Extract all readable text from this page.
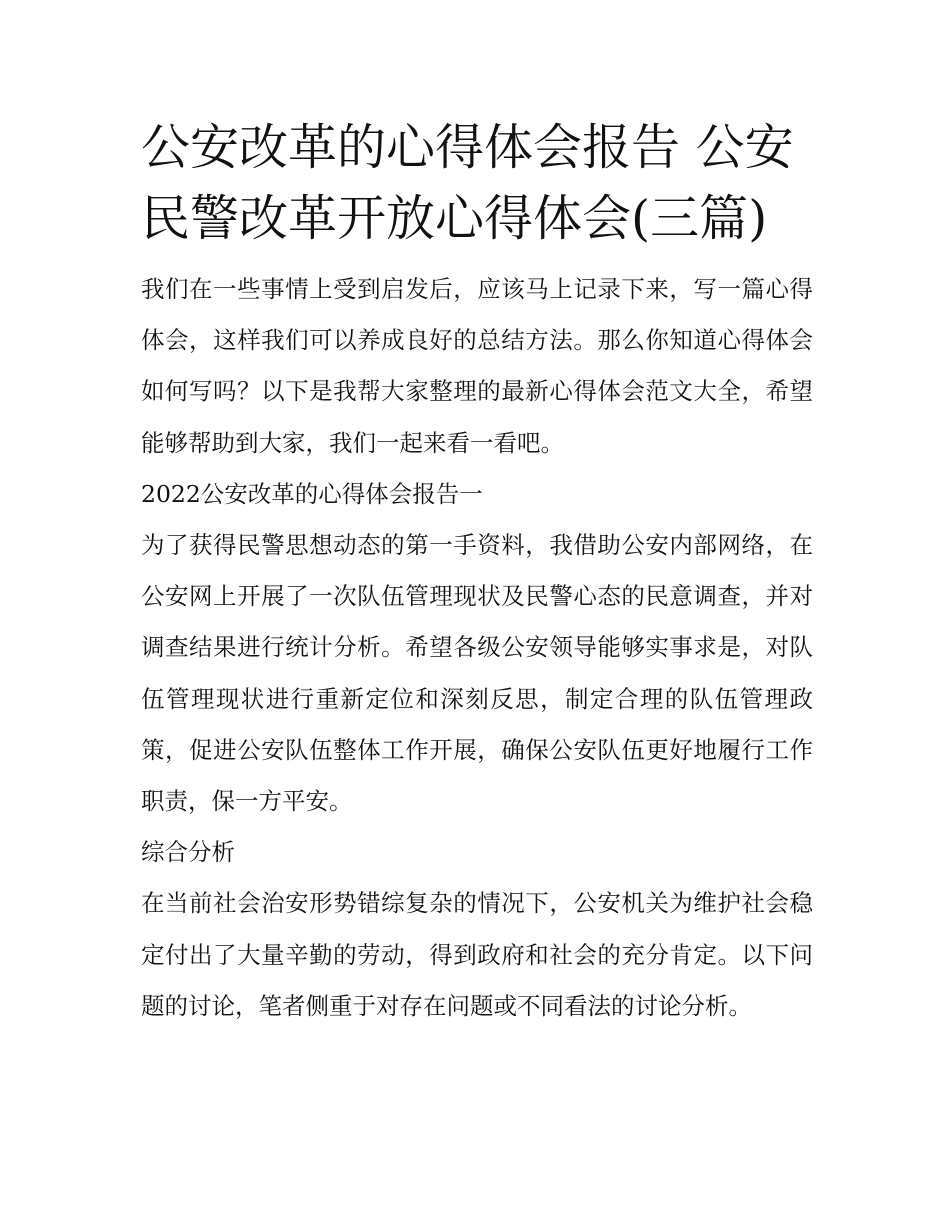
公安改革的心得体会报告 公安民警改革开放心得体会(三篇)

我们在一些事情上受到启发后，应该马上记录下来，写一篇心得体会，这样我们可以养成良好的总结方法。那么你知道心得体会如何写吗？以下是我帮大家整理的最新心得体会范文大全，希望能够帮助到大家，我们一起来看一看吧。

2022公安改革的心得体会报告一

为了获得民警思想动态的第一手资料，我借助公安内部网络，在公安网上开展了一次队伍管理现状及民警心态的民意调查，并对调查结果进行统计分析。希望各级公安领导能够实事求是，对队伍管理现状进行重新定位和深刻反思，制定合理的队伍管理政策，促进公安队伍整体工作开展，确保公安队伍更好地履行工作职责，保一方平安。

综合分析

在当前社会治安形势错综复杂的情况下，公安机关为维护社会稳定付出了大量辛勤的劳动，得到政府和社会的充分肯定。以下问题的讨论，笔者侧重于对存在问题或不同看法的讨论分析。
